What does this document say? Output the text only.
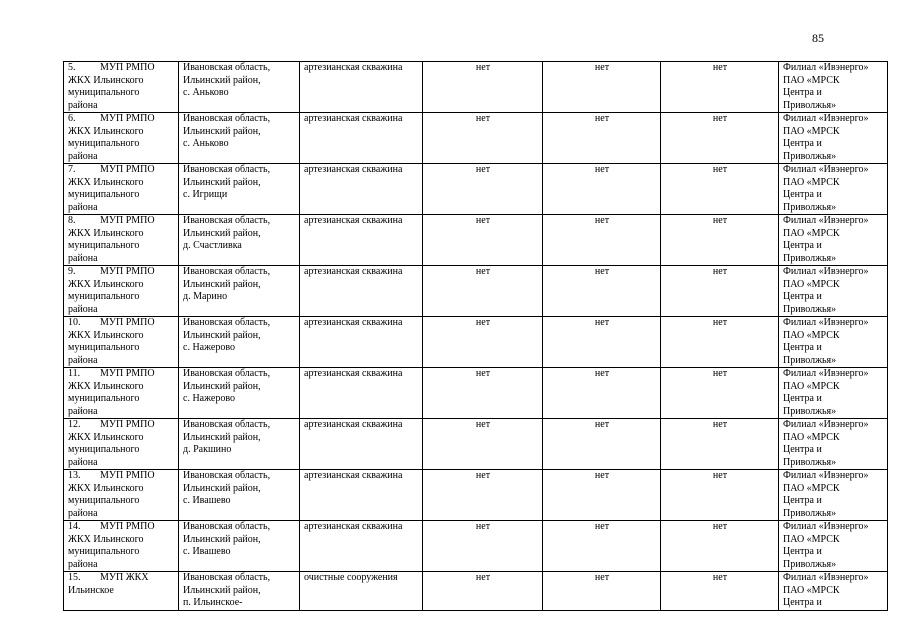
85
5. МУП РМПО
ЖКХ Ильинского
муниципального
района	Ивановская область,
Ильинский район,
с. Аньково	артезианская скважина	нет	нет	нет	Филиал «Ивэнерго»
ПАО «МРСК
Центра и
Приволжья»
6. МУП РМПО
ЖКХ Ильинского
муниципального
района	Ивановская область,
Ильинский район,
с. Аньково	артезианская скважина	нет	нет	нет	Филиал «Ивэнерго»
ПАО «МРСК
Центра и
Приволжья»
7. МУП РМПО
ЖКХ Ильинского
муниципального
района	Ивановская область,
Ильинский район,
с. Игрищи	артезианская скважина	нет	нет	нет	Филиал «Ивэнерго»
ПАО «МРСК
Центра и
Приволжья»
8. МУП РМПО
ЖКХ Ильинского
муниципального
района	Ивановская область,
Ильинский район,
д. Счастливка	артезианская скважина	нет	нет	нет	Филиал «Ивэнерго»
ПАО «МРСК
Центра и
Приволжья»
9. МУП РМПО
ЖКХ Ильинского
муниципального
района	Ивановская область,
Ильинский район,
д. Марино	артезианская скважина	нет	нет	нет	Филиал «Ивэнерго»
ПАО «МРСК
Центра и
Приволжья»
10. МУП РМПО
ЖКХ Ильинского
муниципального
района	Ивановская область,
Ильинский район,
с. Нажерово	артезианская скважина	нет	нет	нет	Филиал «Ивэнерго»
ПАО «МРСК
Центра и
Приволжья»
11. МУП РМПО
ЖКХ Ильинского
муниципального
района	Ивановская область,
Ильинский район,
с. Нажерово	артезианская скважина	нет	нет	нет	Филиал «Ивэнерго»
ПАО «МРСК
Центра и
Приволжья»
12. МУП РМПО
ЖКХ Ильинского
муниципального
района	Ивановская область,
Ильинский район,
д. Ракшино	артезианская скважина	нет	нет	нет	Филиал «Ивэнерго»
ПАО «МРСК
Центра и
Приволжья»
13. МУП РМПО
ЖКХ Ильинского
муниципального
района	Ивановская область,
Ильинский район,
с. Ивашево	артезианская скважина	нет	нет	нет	Филиал «Ивэнерго»
ПАО «МРСК
Центра и
Приволжья»
14. МУП РМПО
ЖКХ Ильинского
муниципального
района	Ивановская область,
Ильинский район,
с. Ивашево	артезианская скважина	нет	нет	нет	Филиал «Ивэнерго»
ПАО «МРСК
Центра и
Приволжья»
15. МУП ЖКХ
Ильинское	Ивановская область,
Ильинский район,
п. Ильинское-	очистные сооружения	нет	нет	нет	Филиал «Ивэнерго»
ПАО «МРСК
Центра и
